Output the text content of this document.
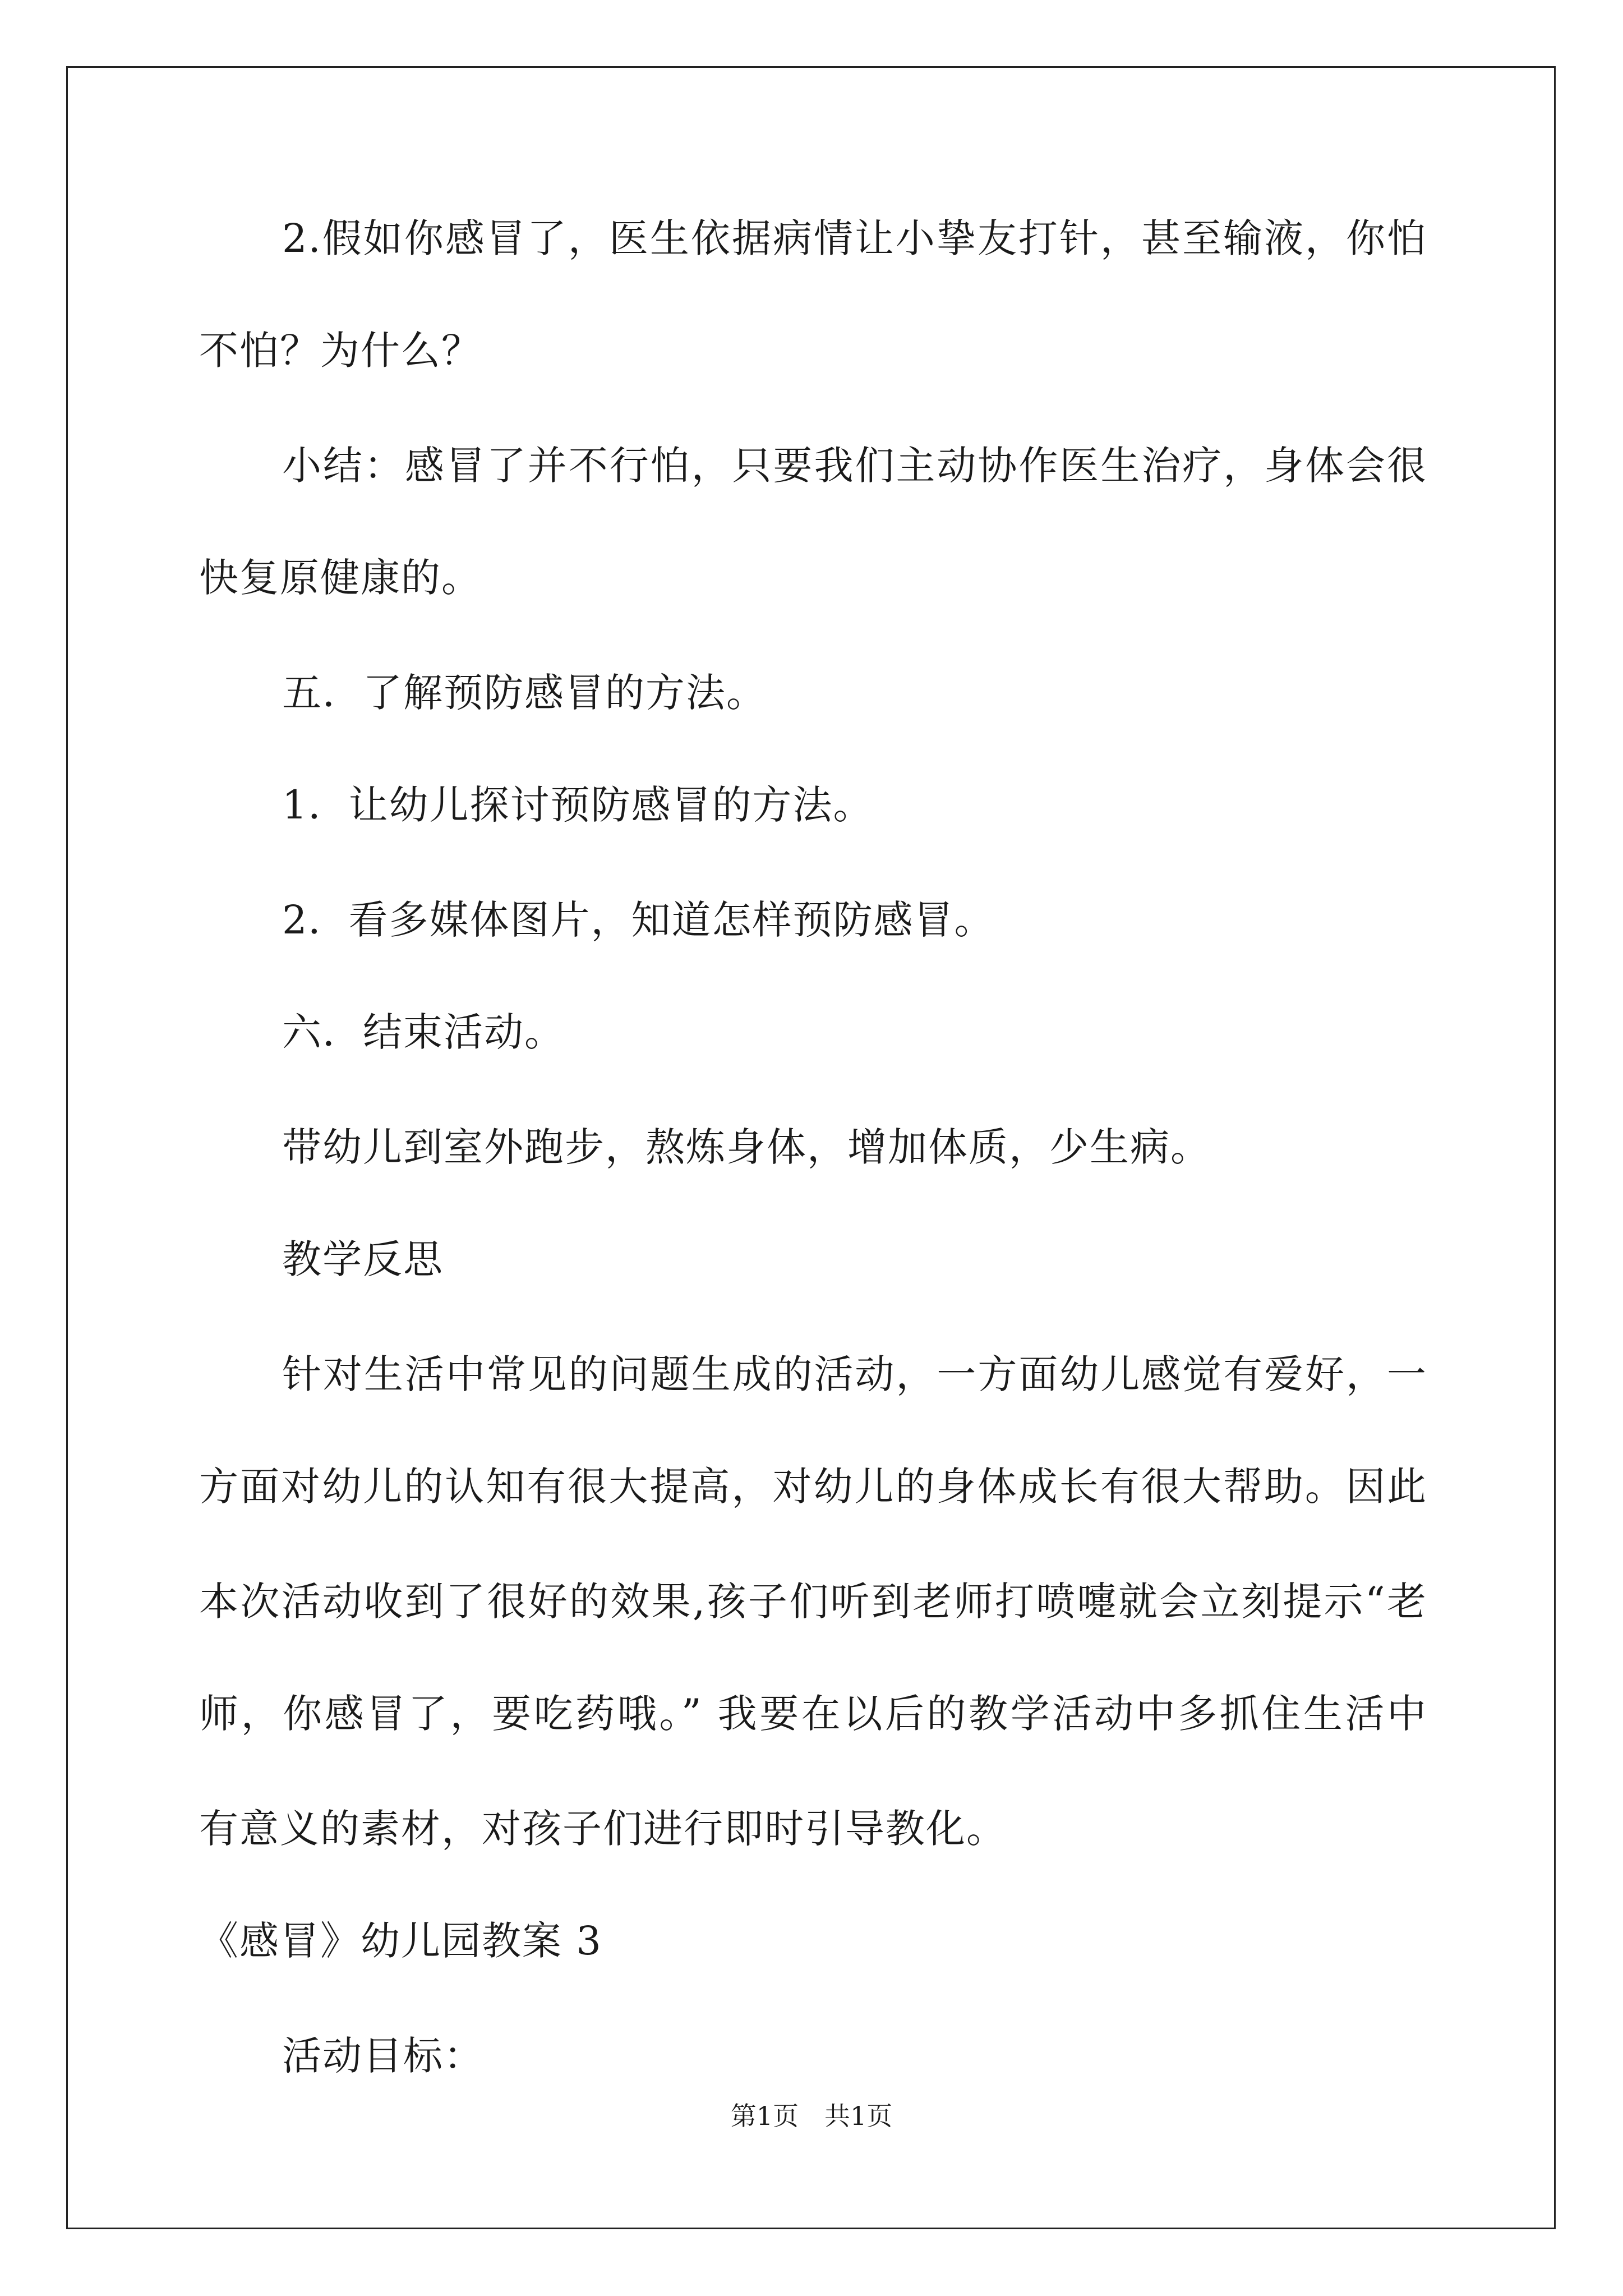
2.假如你感冒了，医生依据病情让小挚友打针，甚至输液，你怕
不怕？为什么？
小结：感冒了并不行怕，只要我们主动协作医生治疗，身体会很
快复原健康的。
五．了解预防感冒的方法。
1．让幼儿探讨预防感冒的方法。
2．看多媒体图片，知道怎样预防感冒。
六．结束活动。
带幼儿到室外跑步，熬炼身体，增加体质，少生病。
教学反思
针对生活中常见的问题生成的活动，一方面幼儿感觉有爱好，一
方面对幼儿的认知有很大提高，对幼儿的身体成长有很大帮助。因此
本次活动收到了很好的效果,孩子们听到老师打喷嚏就会立刻提示“老
师，你感冒了，要吃药哦。” 我要在以后的教学活动中多抓住生活中
有意义的素材，对孩子们进行即时引导教化。
《感冒》幼儿园教案 3
活动目标：
第1页　共1页
